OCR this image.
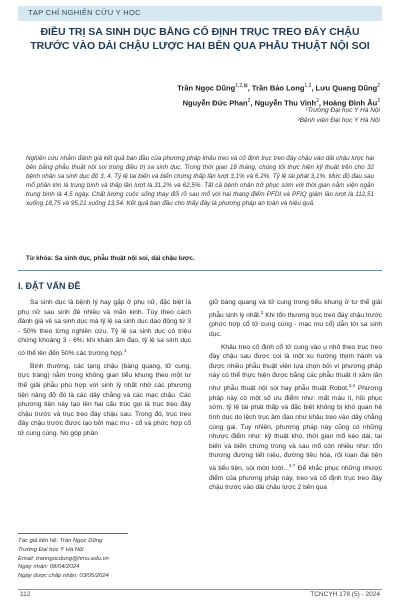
TẠP CHÍ NGHIÊN CỨU Y HỌC
ĐIỀU TRỊ SA SINH DỤC BẰNG CỐ ĐỊNH TRỤC TREO ĐÁY CHẬU TRƯỚC VÀO DẢI CHẬU LƯỢC HAI BÊN QUA PHẪU THUẬT NỘI SOI
Trần Ngọc Dũng$^{1,2,⊠}$, Trần Bảo Long$^{1,2}$, Lưu Quang Dũng$^2$
Nguyễn Đức Phan$^2$, Nguyễn Thu Vinh$^2$, Hoàng Đình $Âu^2$
¹Trường Đại học Y Hà Nội
²Bệnh viện Đại học Y Hà Nội
Nghiên cứu nhằm đánh giá kết quả ban đầu của phương pháp khâu treo và cố định trục treo đáy chậu vào dải chậu lược hai bên bằng phẫu thuật nội soi trong điều trị sa sinh dục. Trong thời gian 18 tháng, chúng tôi thực hiện kỹ thuật trên cho 32 bệnh nhân sa sinh dục độ 3, 4. Tỷ lệ tai biến và biến chứng thấp lần lượt 3,1% và 6,2%. Tỷ lệ tái phát 3,1%. Mức độ đau sau mổ phần lớn là trung bình và thấp lần lượt là 31,2% và 62,5%. Tất cả bệnh nhân trở phục sớm với thời gian nằm viện ngắn trung bình là 4,5 ngày. Chất lượng cuộc sống thay đổi rõ sau mổ với hai thang điểm PFDI và PFIQ giảm lần lượt là 112,51 xuống 18,75 và 95,21 xuống 13,54. Kết quả ban đầu cho thấy đây là phương pháp an toàn và hiệu quả.
Từ khóa: Sa sinh dục, phẫu thuật nội soi, dải chậu lược.
I. ĐẶT VẤN ĐỀ

Sa sinh dục là bệnh lý hay gặp ở phụ nữ, đặc biệt là phụ nữ sau sinh đẻ nhiều và mãn kinh. Tùy theo cách đánh giá về sa sinh dục mà tỷ lệ sa sinh dục dao động từ 3 - 50% theo từng nghiên cứu. Tỷ lệ sa sinh dục có triệu chứng khoảng 3 - 6%; khi khám âm đạo, tỷ lệ sa sinh dục có thể lên đến 50% các trường hợp.$^1$

Bình thường, các tạng chậu (bàng quang, tử cung, trực tràng) nằm trong không gian tiểu khung theo một tư thế giải phẫu phù hợp với sinh lý nhất nhờ các phương tiện nâng đỡ đó là các dây chằng và các mạc chậu. Các phương tiện này tạo lên hai cấu trúc gọi là trục treo đáy chậu trước và trục treo đáy chậu sau. Trong đó, trục treo đáy chậu trước được tạo bởi mạc mu - cổ và phức hợp cổ tử cung cùng. Nó góp phần

giữ bàng quang và tử cung trong tiểu khung ở tư thế giải phẫu sinh lý nhất.$^2$ Khi tổn thương trục treo đáy chậu trước (phức hợp cổ tử cung cùng - mạc mu cổ) dẫn tới sa sinh dục.

Khâu treo cố định cổ tử cung vào ụ nhô theo trục treo đáy chậu sau được coi là một xu hướng thịnh hành và được nhiều phẫu thuật viên lựa chọn bởi vì phương pháp này có thể thực hiện được bằng các phẫu thuật ít xâm lấn như phẫu thuật nội soi hay phẫu thuật Robot.$^{3,4}$ Phương pháp này có một số ưu điểm như: mất máu ít, hồi phục sớm, tỷ lệ tái phát thấp và đặc biệt không bị khó quan hệ tình dục do lệch trục âm đạo như khâu treo vào dây chằng cùng gai. Tuy nhiên, phương pháp này cũng có những nhược điểm như: kỹ thuật khó, thời gian mổ kéo dài, tai biến và biến chứng trong và sau mổ còn nhiều như: tổn thương đường tiết niệu, đường tiêu hóa, rối loạn đại tiện và tiểu tiện, sói mòn lưới...$^{4-7}$ Để khắc phục những nhược điểm của phương pháp này, treo và cố định trục treo đáy chậu trước vào dải chậu lược 2 bên qua

Tác giả liên hệ: Trần Ngọc Dũng
Trường Đại học Y Hà Nội
Email: tranngocdung@hmu.edu.vn
Ngày nhận: 08/04/2024
Ngày được chấp nhận: 03/05/2024
112	TCNCYH 178 (5) - 2024
